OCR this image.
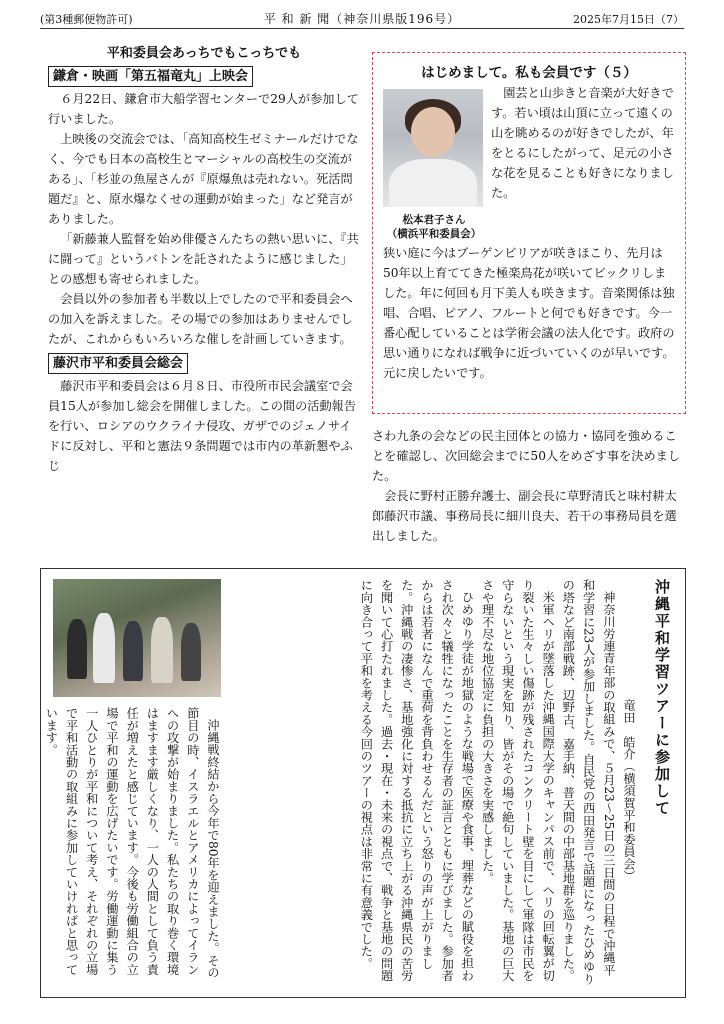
(第3種郵便物許可)	平 和 新 聞（神奈川県版196号）	2025年7月15日（7）
平和委員会あっちでもこっちでも
鎌倉・映画「第五福竜丸」上映会

６月22日、鎌倉市大船学習センターで29人が参加して行いました。

上映後の交流会では、「高知高校生ゼミナールだけでなく、今でも日本の高校生とマーシャルの高校生の交流がある」、「杉並の魚屋さんが『原爆魚は売れない。死活問題だ』と、原水爆なくせの運動が始まった」など発言がありました。

「新藤兼人監督を始め俳優さんたちの熱い思いに、『共に闘って』というバトンを託されたように感じました」との感想も寄せられました。

会員以外の参加者も半数以上でしたので平和委員会への加入を訴えました。その場での参加はありませんでしたが、これからもいろいろな催しを計画していきます。

藤沢市平和委員会総会

藤沢市平和委員会は６月８日、市役所市民会議室で会員15人が参加し総会を開催しました。この間の活動報告を行い、ロシアのウクライナ侵攻、ガザでのジェノサイドに反対し、平和と憲法９条問題では市内の革新懇やふじ

はじめまして。私も会員です（５）
松本君子さん
（横浜平和委員会）
園芸と山歩きと音楽が大好きです。若い頃は山頂に立って遠くの山を眺めるのが好きでしたが、年をとるにしたがって、足元の小さな花を見ることも好きになりました。
狭い庭に今はブーゲンビリアが咲きほこり、先月は50年以上育ててきた極楽鳥花が咲いてビックリしました。年に何回も月下美人も咲きます。音楽関係は独唱、合唱、ピアノ、フルートと何でも好きです。今一番心配していることは学術会議の法人化です。政府の思い通りになれば戦争に近づいていくのが早いです。元に戻したいです。

さわ九条の会などの民主団体との協力・協同を強めることを確認し、次回総会までに50人をめざす事を決めました。

会長に野村正勝弁護士、副会長に草野清氏と味村耕太郎藤沢市議、事務局長に細川良夫、若干の事務局員を選出しました。

沖縄平和学習ツアーに参加して

竜田　皓介（横須賀平和委員会）

神奈川労連青年部の取組みで、５月23〜25日の三日間の日程で沖縄平和学習に23人が参加しました。自民党の西田発言で話題になったひめゆりの塔など南部戦跡、辺野古、嘉手納、普天間の中部基地群を巡りました。

米軍ヘリが墜落した沖縄国際大学のキャンパス前で、ヘリの回転翼が切り裂いた生々しい傷跡が残されたコンクリート壁を目にして軍隊は市民を守らないという現実を知り、皆がその場で絶句していました。基地の巨大さや理不尽な地位協定に負担の大きさを実感しました。

ひめゆり学徒が地獄のような戦場で医療や食事、埋葬などの賦役を担わされ次々と犠牲になったことを生存者の証言とともに学びました。参加者からは若者になんで重荷を背負わせるんだという怒りの声が上がりました。沖縄戦の凄惨さ、基地強化に対する抵抗に立ち上がる沖縄県民の苦労を聞いて心打たれました。過去・現在・未来の視点で、戦争と基地の問題に向き合って平和を考える今回のツアーの視点は非常に有意義でした。

沖縄戦終結から今年で80年を迎えました。その節目の時、イスラエルとアメリカによってイランへの攻撃が始まりました。私たちの取り巻く環境はますます厳しくなり、一人の人間として負う責任が増えたと感じています。今後も労働組合の立場で平和の運動を広げたいです。労働運動に集う一人ひとりが平和について考え、それぞれの立場で平和活動の取組みに参加していければと思っています。
